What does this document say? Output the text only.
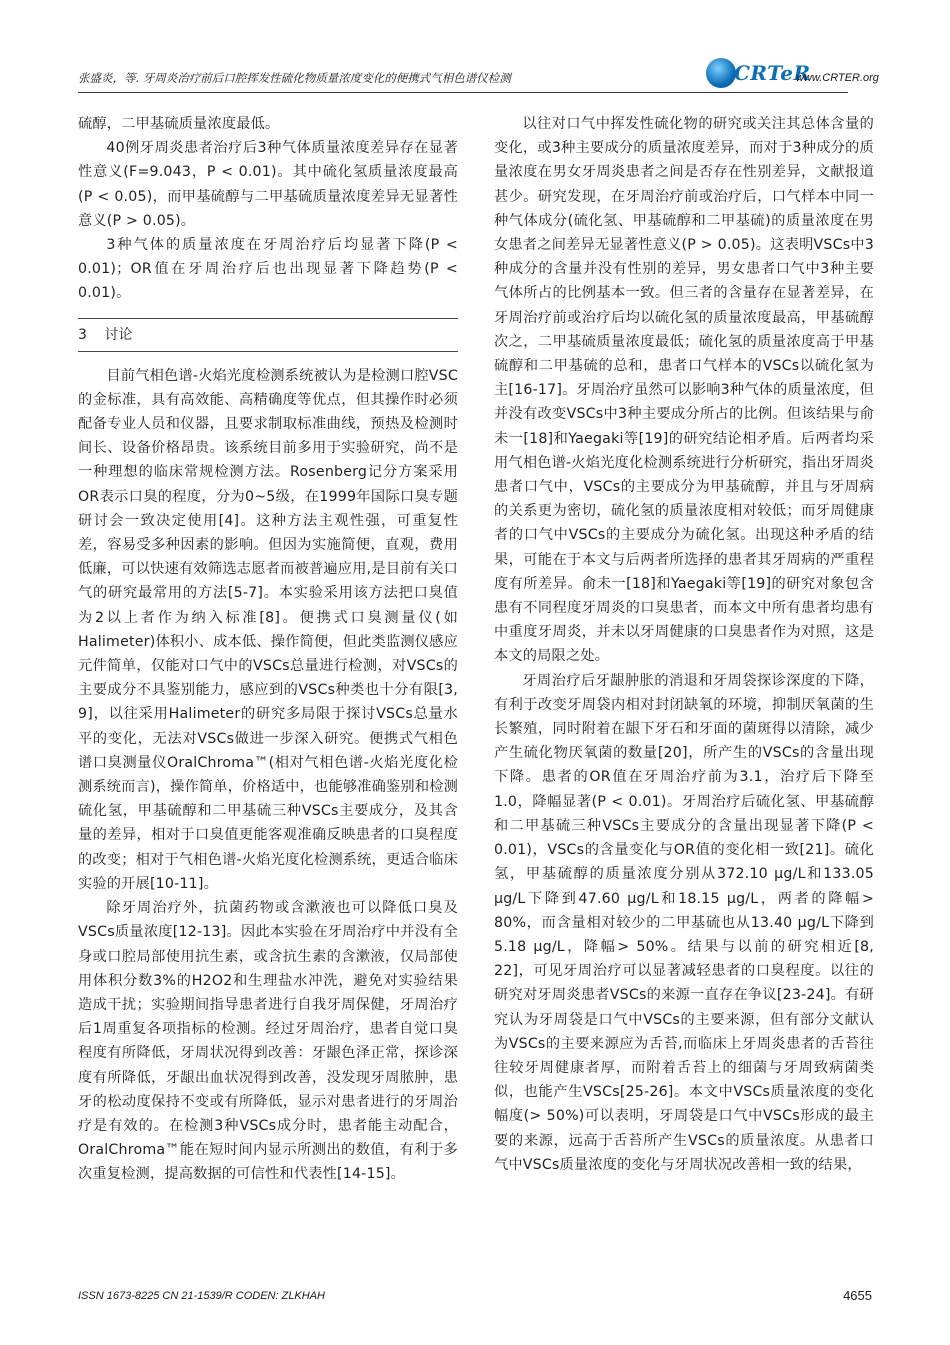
张盛炎，等. 牙周炎治疗前后口腔挥发性硫化物质量浓度变化的便携式气相色谱仪检测	CRTeR
www.CRTER.org

硫醇，二甲基硫质量浓度最低。

40例牙周炎患者治疗后3种气体质量浓度差异存在显著性意义(F=9.043，P < 0.01)。其中硫化氢质量浓度最高(P < 0.05)，而甲基硫醇与二甲基硫质量浓度差异无显著性意义(P > 0.05)。

3种气体的质量浓度在牙周治疗后均显著下降(P < 0.01)；OR值在牙周治疗后也出现显著下降趋势(P < 0.01)。

3 讨论

目前气相色谱-火焰光度检测系统被认为是检测口腔VSC的金标准，具有高效能、高精确度等优点，但其操作时必须配备专业人员和仪器，且要求制取标准曲线，预热及检测时间长、设备价格昂贵。该系统目前多用于实验研究，尚不是一种理想的临床常规检测方法。Rosenberg记分方案采用OR表示口臭的程度，分为0~5级，在1999年国际口臭专题研讨会一致决定使用[4]。这种方法主观性强，可重复性差，容易受多种因素的影响。但因为实施简便，直观，费用低廉，可以快速有效筛选志愿者而被普遍应用,是目前有关口气的研究最常用的方法[5-7]。本实验采用该方法把口臭值为2以上者作为纳入标准[8]。便携式口臭测量仪(如Halimeter)体积小、成本低、操作简便，但此类监测仪感应元件简单，仅能对口气中的VSCs总量进行检测，对VSCs的主要成分不具鉴别能力，感应到的VSCs种类也十分有限[3, 9]，以往采用Halimeter的研究多局限于探讨VSCs总量水平的变化，无法对VSCs做进一步深入研究。便携式气相色谱口臭测量仪OralChroma™(相对气相色谱-火焰光度化检测系统而言)，操作简单，价格适中，也能够准确鉴别和检测硫化氢，甲基硫醇和二甲基硫三种VSCs主要成分，及其含量的差异，相对于口臭值更能客观准确反映患者的口臭程度的改变；相对于气相色谱-火焰光度化检测系统，更适合临床实验的开展[10-11]。

除牙周治疗外，抗菌药物或含漱液也可以降低口臭及VSCs质量浓度[12-13]。因此本实验在牙周治疗中并没有全身或口腔局部使用抗生素，或含抗生素的含漱液，仅局部使用体积分数3%的H2O2和生理盐水冲洗，避免对实验结果造成干扰；实验期间指导患者进行自我牙周保健，牙周治疗后1周重复各项指标的检测。经过牙周治疗，患者自觉口臭程度有所降低，牙周状况得到改善：牙龈色泽正常，探诊深度有所降低，牙龈出血状况得到改善，没发现牙周脓肿，患牙的松动度保持不变或有所降低，显示对患者进行的牙周治疗是有效的。在检测3种VSCs成分时，患者能主动配合，OralChroma™能在短时间内显示所测出的数值，有利于多次重复检测，提高数据的可信性和代表性[14-15]。

以往对口气中挥发性硫化物的研究或关注其总体含量的变化，或3种主要成分的质量浓度差异，而对于3种成分的质量浓度在男女牙周炎患者之间是否存在性别差异，文献报道甚少。研究发现，在牙周治疗前或治疗后，口气样本中同一种气体成分(硫化氢、甲基硫醇和二甲基硫)的质量浓度在男女患者之间差异无显著性意义(P > 0.05)。这表明VSCs中3种成分的含量并没有性别的差异，男女患者口气中3种主要气体所占的比例基本一致。但三者的含量存在显著差异，在牙周治疗前或治疗后均以硫化氢的质量浓度最高，甲基硫醇次之，二甲基硫质量浓度最低；硫化氢的质量浓度高于甲基硫醇和二甲基硫的总和，患者口气样本的VSCs以硫化氢为主[16-17]。牙周治疗虽然可以影响3种气体的质量浓度，但并没有改变VSCs中3种主要成分所占的比例。但该结果与俞未一[18]和Yaegaki等[19]的研究结论相矛盾。后两者均采用气相色谱-火焰光度化检测系统进行分析研究，指出牙周炎患者口气中，VSCs的主要成分为甲基硫醇，并且与牙周病的关系更为密切，硫化氢的质量浓度相对较低；而牙周健康者的口气中VSCs的主要成分为硫化氢。出现这种矛盾的结果，可能在于本文与后两者所选择的患者其牙周病的严重程度有所差异。俞未一[18]和Yaegaki等[19]的研究对象包含患有不同程度牙周炎的口臭患者，而本文中所有患者均患有中重度牙周炎，并未以牙周健康的口臭患者作为对照，这是本文的局限之处。

牙周治疗后牙龈肿胀的消退和牙周袋探诊深度的下降，有利于改变牙周袋内相对封闭缺氧的环境，抑制厌氧菌的生长繁殖，同时附着在龈下牙石和牙面的菌斑得以清除，减少产生硫化物厌氧菌的数量[20]，所产生的VSCs的含量出现下降。患者的OR值在牙周治疗前为3.1，治疗后下降至1.0，降幅显著(P < 0.01)。牙周治疗后硫化氢、甲基硫醇和二甲基硫三种VSCs主要成分的含量出现显著下降(P < 0.01)，VSCs的含量变化与OR值的变化相一致[21]。硫化氢，甲基硫醇的质量浓度分别从372.10 μg/L和133.05 μg/L下降到47.60 μg/L和18.15 μg/L，两者的降幅> 80%，而含量相对较少的二甲基硫也从13.40 μg/L下降到5.18 μg/L，降幅> 50%。结果与以前的研究相近[8, 22]，可见牙周治疗可以显著减轻患者的口臭程度。以往的研究对牙周炎患者VSCs的来源一直存在争议[23-24]。有研究认为牙周袋是口气中VSCs的主要来源，但有部分文献认为VSCs的主要来源应为舌苔,而临床上牙周炎患者的舌苔往往较牙周健康者厚，而附着舌苔上的细菌与牙周致病菌类似，也能产生VSCs[25-26]。本文中VSCs质量浓度的变化幅度(> 50%)可以表明，牙周袋是口气中VSCs形成的最主要的来源，远高于舌苔所产生VSCs的质量浓度。从患者口气中VSCs质量浓度的变化与牙周状况改善相一致的结果，

ISSN 1673-8225 CN 21-1539/R CODEN: ZLKHAH	4655
